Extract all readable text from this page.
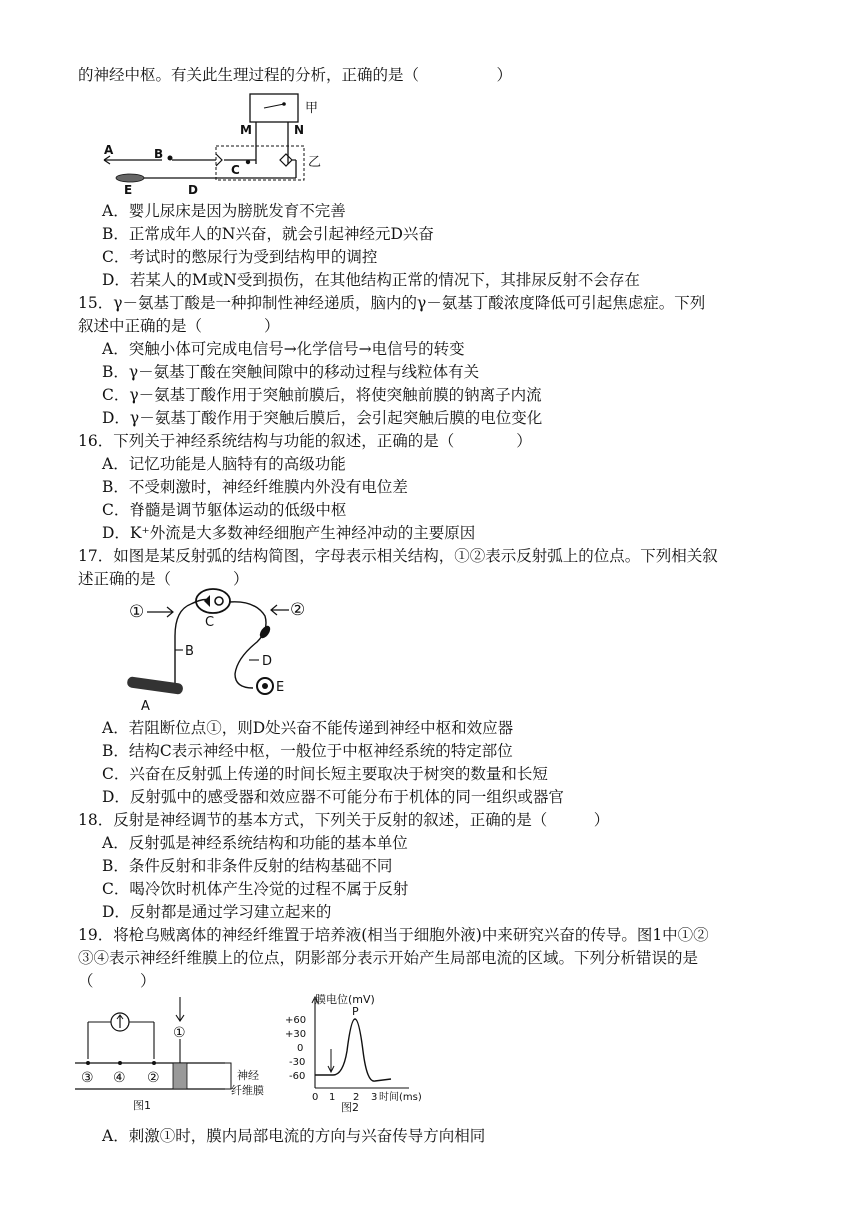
的神经中枢。有关此生理过程的分析，正确的是（　　　　　）
甲
M	N
乙
A	B
C
D
E
A．婴儿尿床是因为膀胱发育不完善
B．正常成年人的N兴奋，就会引起神经元D兴奋
C．考试时的憋尿行为受到结构甲的调控
D．若某人的M或N受到损伤，在其他结构正常的情况下，其排尿反射不会存在
15．γ－氨基丁酸是一种抑制性神经递质，脑内的γ－氨基丁酸浓度降低可引起焦虑症。下列
叙述中正确的是（　　　　）
A．突触小体可完成电信号→化学信号→电信号的转变
B．γ－氨基丁酸在突触间隙中的移动过程与线粒体有关
C．γ－氨基丁酸作用于突触前膜后，将使突触前膜的钠离子内流
D．γ－氨基丁酸作用于突触后膜后，会引起突触后膜的电位变化
16．下列关于神经系统结构与功能的叙述，正确的是（　　　　）
A．记忆功能是人脑特有的高级功能
B．不受刺激时，神经纤维膜内外没有电位差
C．脊髓是调节躯体运动的低级中枢
D．K⁺外流是大多数神经细胞产生神经冲动的主要原因
17．如图是某反射弧的结构简图，字母表示相关结构，①②表示反射弧上的位点。下列相关叙
述正确的是（　　　　）
①
B
A
C
②
D
E
A．若阻断位点①，则D处兴奋不能传递到神经中枢和效应器
B．结构C表示神经中枢，一般位于中枢神经系统的特定部位
C．兴奋在反射弧上传递的时间长短主要取决于树突的数量和长短
D．反射弧中的感受器和效应器不可能分布于机体的同一组织或器官
18．反射是神经调节的基本方式，下列关于反射的叙述，正确的是（　　　）
A．反射弧是神经系统结构和功能的基本单位
B．条件反射和非条件反射的结构基础不同
C．喝冷饮时机体产生冷觉的过程不属于反射
D．反射都是通过学习建立起来的
19．将枪乌贼离体的神经纤维置于培养液(相当于细胞外液)中来研究兴奋的传导。图1中①②
③④表示神经纤维膜上的位点，阴影部分表示开始产生局部电流的区域。下列分析错误的是
（　　　）
①
③ ④ ②	神经
纤维膜
图1
膜电位(mV)
+60
+30
0
-30
-60
P
0 1 2 3 时间(ms)
图2
A．刺激①时，膜内局部电流的方向与兴奋传导方向相同
